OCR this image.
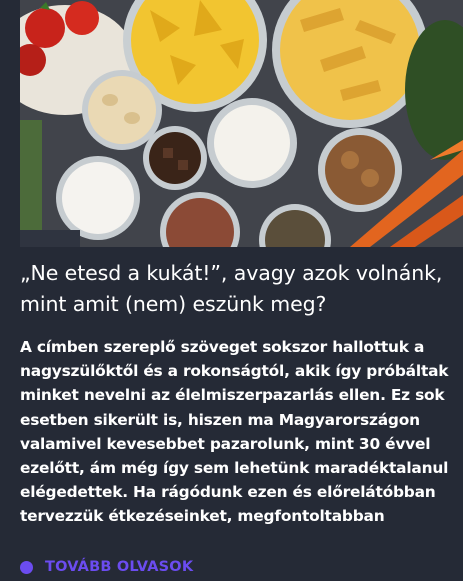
„Ne etesd a kukát!”, avagy azok volnánk, mint amit (nem) eszünk meg?

A címben szereplő szöveget sokszor hallottuk a nagyszülőktől és a rokonságtól, akik így próbáltak minket nevelni az élelmiszerpazarlás ellen. Ez sok esetben sikerült is, hiszen ma Magyarországon valamivel kevesebbet pazarolunk, mint 30 évvel ezelőtt, ám még így sem lehetünk maradéktalanul elégedettek. Ha rágódunk ezen és előrelátóbban tervezzük étkezéseinket, megfontoltabban

TOVÁBB OLVASOK
